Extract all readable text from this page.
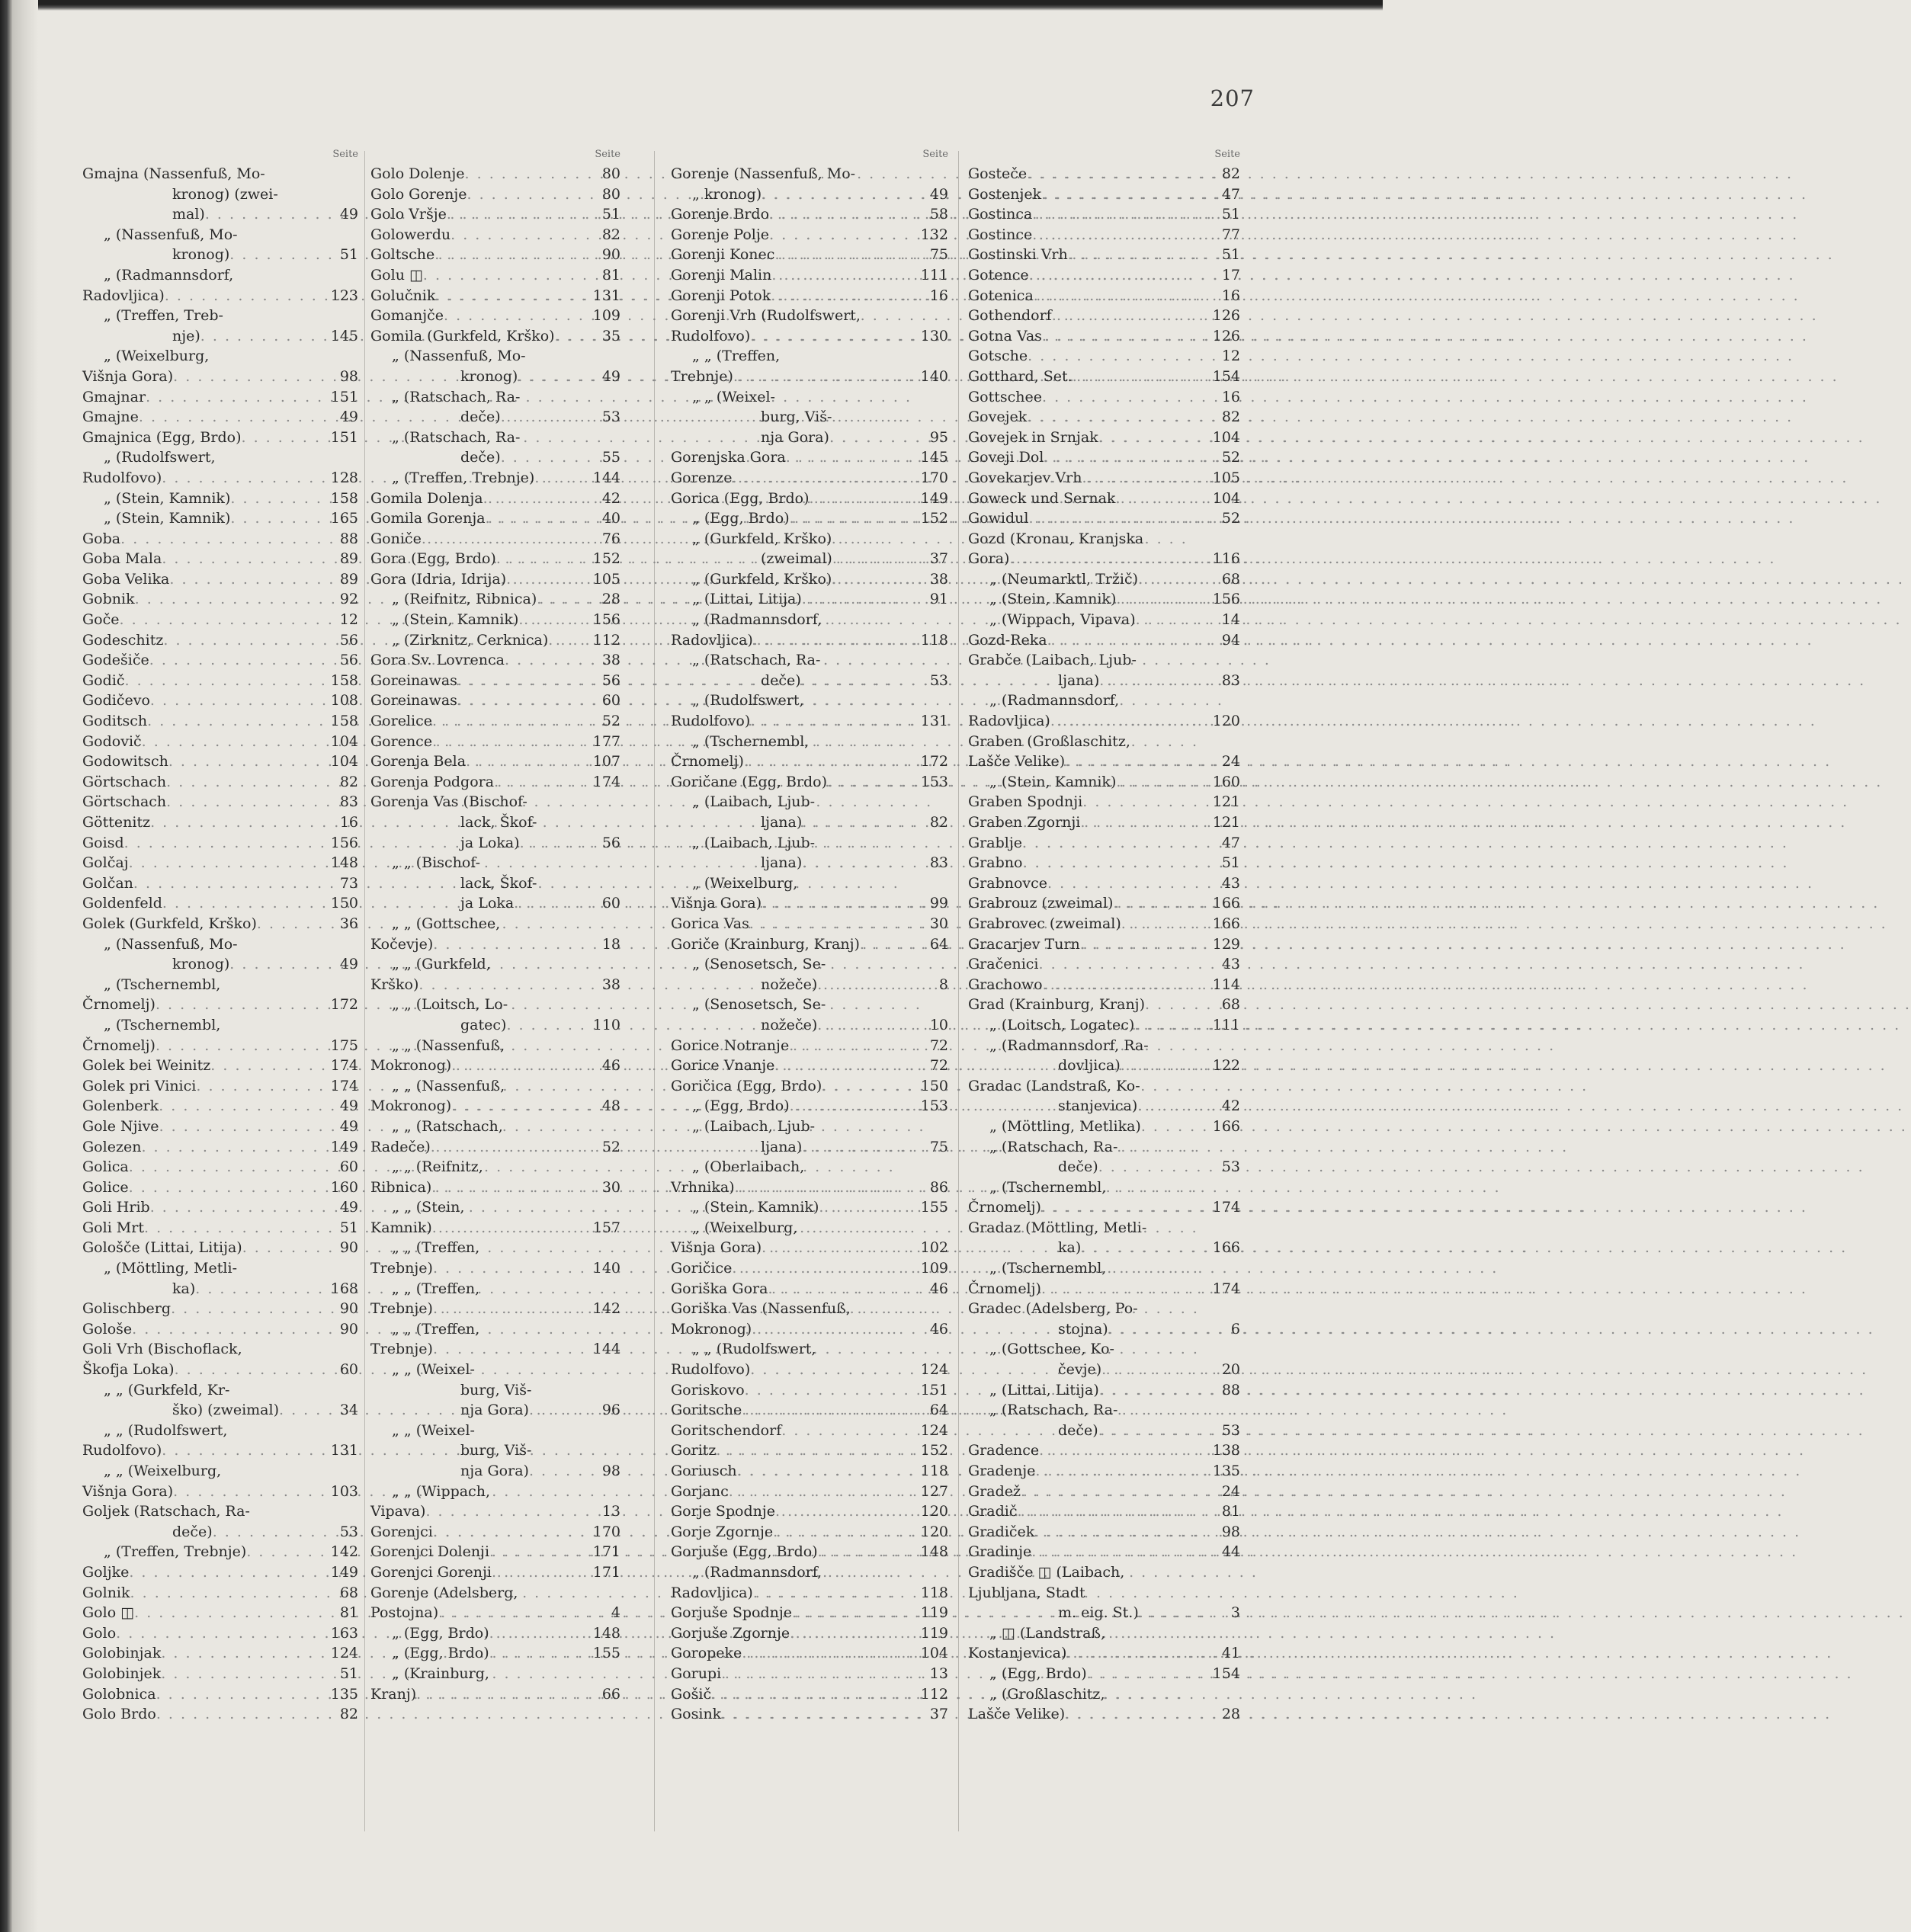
207
Seite
Gmajna (Nassenfuß, Mo-
kronog) (zwei-
mal) . . .	49
„ (Nassenfuß, Mo-
kronog) . . .	51
„ (Radmannsdorf,
Radovljica) . . .	123
„ (Treffen, Treb-
nje) . . .	145
„ (Weixelburg,
Višnja Gora) . . .	98
Gmajnar . . .	151
Gmajne . . .	49
Gmajnica (Egg, Brdo) . . .	151
„ (Rudolfswert,
Rudolfovo) . . .	128
„ (Stein, Kamnik) . . .	158
„ (Stein, Kamnik) . . .	165
Goba . . .	88
Goba Mala . . .	89
Goba Velika . . .	89
Gobnik . . .	92
Goče . . .	12
Godeschitz . . .	56
Godešiče . . .	56
Godič . . .	158
Godičevo . . .	108
Goditsch . . .	158
Godovič . . .	104
Godowitsch . . .	104
Görtschach . . .	82
Görtschach . . .	83
Göttenitz . . .	16
Goisd . . .	156
Golčaj . . .	148
Golčan . . .	73
Goldenfeld . . .	150
Golek (Gurkfeld, Krško) . . .	36
„ (Nassenfuß, Mo-
kronog) . . .	49
„ (Tschernembl,
Črnomelj) . . .	172
„ (Tschernembl,
Črnomelj) . . .	175
Golek bei Weinitz . . .	174
Golek pri Vinici . . .	174
Golenberk . . .	49
Gole Njive . . .	49
Golezen . . .	149
Golica . . .	60
Golice . . .	160
Goli Hrib . . .	49
Goli Mrt . . .	51
Gološče (Littai, Litija) . . .	90
„ (Möttling, Metli-
ka) . . .	168
Golischberg . . .	90
Gološe . . .	90
Goli Vrh (Bischoflack,
Škofja Loka) . . .	60
„ „ (Gurkfeld, Kr-
ško) (zweimal) . . .	34
„ „ (Rudolfswert,
Rudolfovo) . . .	131
„ „ (Weixelburg,
Višnja Gora) . . .	103
Goljek (Ratschach, Ra-
deče) . . .	53
„ (Treffen, Trebnje) . . .	142
Goljke . . .	149
Golnik . . .	68
Golo ◫ . . .	81
Golo . . .	163
Golobinjak . . .	124
Golobinjek . . .	51
Golobnica . . .	135
Golo Brdo . . .	82
Seite
Golo Dolenje . . .	80
Golo Gorenje . . .	80
Golo Vršje . . .	51
Golowerdu . . .	82
Goltsche . . .	90
Golu ◫ . . .	81
Golučnik . . .	131
Gomanjče . . .	109
Gomila (Gurkfeld, Krško) . . .	35
„ (Nassenfuß, Mo-
kronog) . . .	49
„ (Ratschach, Ra-
deče) . . .	53
„ (Ratschach, Ra-
deče) . . .	55
„ (Treffen, Trebnje) . . .	144
Gomila Dolenja . . .	42
Gomila Gorenja . . .	40
Goniče . . .	76
Gora (Egg, Brdo) . . .	152
Gora (Idria, Idrija) . . .	105
„ (Reifnitz, Ribnica) . . .	28
„ (Stein, Kamnik) . . .	156
„ (Zirknitz, Cerknica) . . .	112
Gora Sv. Lovrenca . . .	38
Goreinawas . . .	56
Goreinawas . . .	60
Gorelice . . .	52
Gorence . . .	177
Gorenja Bela . . .	107
Gorenja Podgora . . .	174
Gorenja Vas (Bischof-
lack, Škof-
ja Loka) . . .	56
„ „ (Bischof-
lack, Škof-
ja Loka . . .	60
„ „ (Gottschee,
Kočevje) . . .	18
„ „ (Gurkfeld,
Krško) . . .	38
„ „ (Loitsch, Lo-
gatec) . . .	110
„ „ (Nassenfuß,
Mokronog) . . .	46
„ „ (Nassenfuß,
Mokronog) . . .	48
„ „ (Ratschach,
Radeče) . . .	52
„ „ (Reifnitz,
Ribnica) . . .	30
„ „ (Stein,
Kamnik) . . .	157
„ „ (Treffen,
Trebnje) . . .	140
„ „ (Treffen,
Trebnje) . . .	142
„ „ (Treffen,
Trebnje) . . .	144
„ „ (Weixel-
burg, Viš-
nja Gora) . . .	96
„ „ (Weixel-
burg, Viš-
nja Gora) . . .	98
„ „ (Wippach,
Vipava) . . .	13
Gorenjci . . .	170
Gorenjci Dolenji . . .	171
Gorenjci Gorenji . . .	171
Gorenje (Adelsberg,
Postojna) . . .	4
„ (Egg, Brdo) . . .	148
„ (Egg, Brdo) . . .	155
„ (Krainburg,
Kranj) . . .	66
Seite
Gorenje (Nassenfuß, Mo-
„ kronog) . . .	49
Gorenje Brdo . . .	58
Gorenje Polje . . .	132
Gorenji Konec . . .	75
Gorenji Malin . . .	111
Gorenji Potok . . .	16
Gorenji Vrh (Rudolfswert,
Rudolfovo) . . .	130
„ „ (Treffen,
Trebnje) . . .	140
„ „ (Weixel-
burg, Viš-
nja Gora) . . .	95
Gorenjska Gora . . .	145
Gorenze . . .	170
Gorica (Egg, Brdo) . . .	149
„ (Egg, Brdo) . . .	152
„ (Gurkfeld, Krško)
(zweimal) . . .	37
„ (Gurkfeld, Krško) . . .	38
„ (Littai, Litija) . . .	91
„ (Radmannsdorf,
Radovljica) . . .	118
„ (Ratschach, Ra-
deče) . . .	53
„ (Rudolfswert,
Rudolfovo) . . .	131
„ (Tschernembl,
Črnomelj) . . .	172
Goričane (Egg, Brdo) . . .	153
„ (Laibach, Ljub-
ljana) . . .	82
„ (Laibach, Ljub-
ljana) . . .	83
„ (Weixelburg,
Višnja Gora) . . .	99
Gorica Vas . . .	30
Goriče (Krainburg, Kranj) . . .	64
„ (Senosetsch, Se-
nožeče) . . .	8
„ (Senosetsch, Se-
nožeče) . . .	10
Gorice Notranje . . .	72
Gorice Vnanje . . .	72
Goričica (Egg, Brdo) . . .	150
„ (Egg, Brdo) . . .	153
„ (Laibach, Ljub-
ljana) . . .	75
„ (Oberlaibach,
Vrhnika) . . .	86
„ (Stein, Kamnik) . . .	155
„ (Weixelburg,
Višnja Gora) . . .	102
Goričice . . .	109
Goriška Gora . . .	46
Goriška Vas (Nassenfuß,
Mokronog) . . .	46
„ „ (Rudolfswert,
Rudolfovo) . . .	124
Goriskovo . . .	151
Goritsche . . .	64
Goritschendorf . . .	124
Goritz . . .	152
Goriusch . . .	118
Gorjanc . . .	127
Gorje Spodnje . . .	120
Gorje Zgornje . . .	120
Gorjuše (Egg, Brdo) . . .	148
„ (Radmannsdorf,
Radovljica) . . .	118
Gorjuše Spodnje . . .	119
Gorjuše Zgornje . . .	119
Goropeke . . .	104
Gorupi . . .	13
Gošič . . .	112
Gosink . . .	37
Seite
Gostečе . . .	82
Gostenjek . . .	47
Gostinca . . .	51
Gostince . . .	77
Gostinski Vrh . . .	51
Gotence . . .	17
Gotenica . . .	16
Gothendorf . . .	126
Gotna Vas . . .	126
Gotsche . . .	12
Gotthard, Set. . . .	154
Gottschee . . .	16
Govejek . . .	82
Govejek in Srnjak . . .	104
Goveji Dol . . .	52
Govekarjev Vrh . . .	105
Goweck und Sernak . . .	104
Gowidul . . .	52
Gozd (Kronau, Kranjska
Gora) . . .	116
„ (Neumarktl, Tržič) . . .	68
„ (Stein, Kamnik) . . .	156
„ (Wippach, Vipava) . . .	14
Gozd-Reka . . .	94
Grabče (Laibach, Ljub-
ljana) . . .	83
„ (Radmannsdorf,
Radovljica) . . .	120
Graben (Großlaschitz,
Lašče Velike) . . .	24
„ (Stein, Kamnik) . . .	160
Graben Spodnji . . .	121
Graben Zgornji . . .	121
Grablje . . .	47
Grabno . . .	51
Grabnovce . . .	43
Grabrouz (zweimal) . . .	166
Grabrovec (zweimal) . . .	166
Gracarjev Turn . . .	129
Gračenici . . .	43
Grachowo . . .	114
Grad (Krainburg, Kranj) . . .	68
„ (Loitsch, Logatec) . . .	111
„ (Radmannsdorf, Ra-
dovljica) . . .	122
Gradac (Landstraß, Ko-
stanjevica) . . .	42
„ (Möttling, Metlika) . . .	166
„ (Ratschach, Ra-
deče) . . .	53
„ (Tschernembl,
Črnomelj) . . .	174
Gradaz (Möttling, Metli-
ka) . . .	166
„ (Tschernembl,
Črnomelj) . . .	174
Gradec (Adelsberg, Po-
stojna) . . .	6
„ (Gottschee, Ko-
čevje) . . .	20
„ (Littai, Litija) . . .	88
„ (Ratschach, Ra-
deče) . . .	53
Gradence . . .	138
Gradenje . . .	135
Gradež . . .	24
Gradič . . .	81
Gradiček . . .	98
Gradinje . . .	44
Gradišče ◫ (Laibach,
Ljubljana, Stadt
m. eig. St.) . . .	3
„ ◫ (Landstraß,
Kostanjevica) . . .	41
„ (Egg, Brdo) . . .	154
„ (Großlaschitz,
Lašče Velike) . . .	28
